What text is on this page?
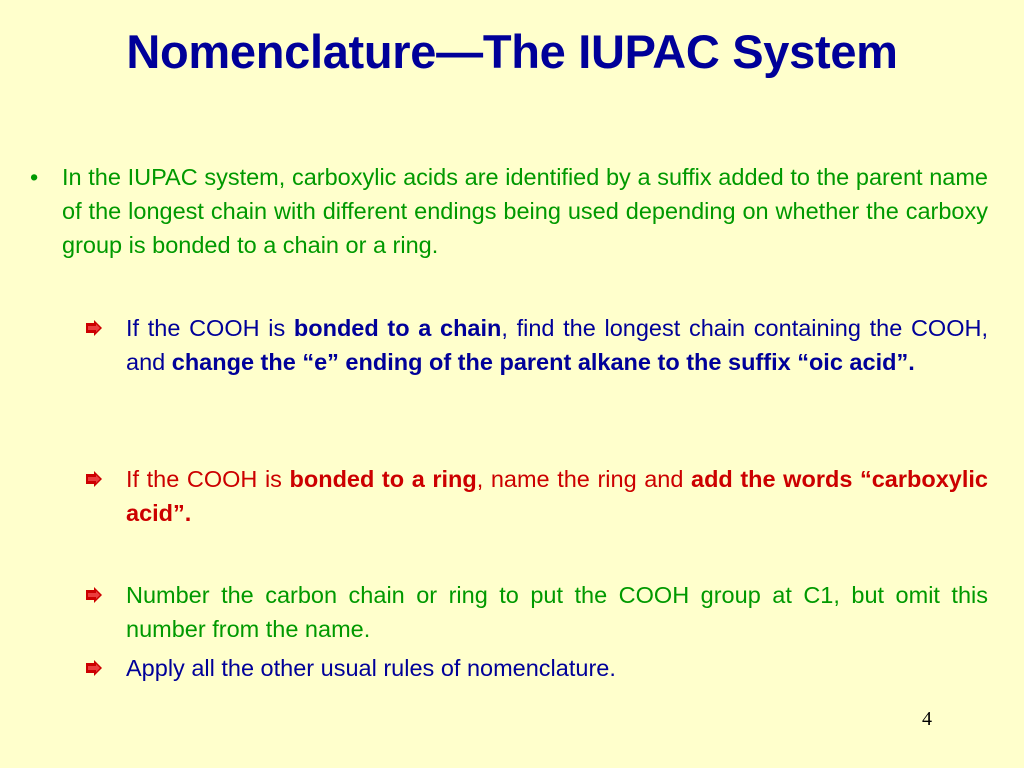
Nomenclature—The IUPAC System
• In the IUPAC system, carboxylic acids are identified by a suffix added to the parent name of the longest chain with different endings being used depending on whether the carboxy group is bonded to a chain or a ring.
If the COOH is bonded to a chain, find the longest chain containing the COOH, and change the “e” ending of the parent alkane to the suffix “oic acid”.
If the COOH is bonded to a ring, name the ring and add the words “carboxylic acid”.
Number the carbon chain or ring to put the COOH group at C1, but omit this number from the name.
Apply all the other usual rules of nomenclature.
4
